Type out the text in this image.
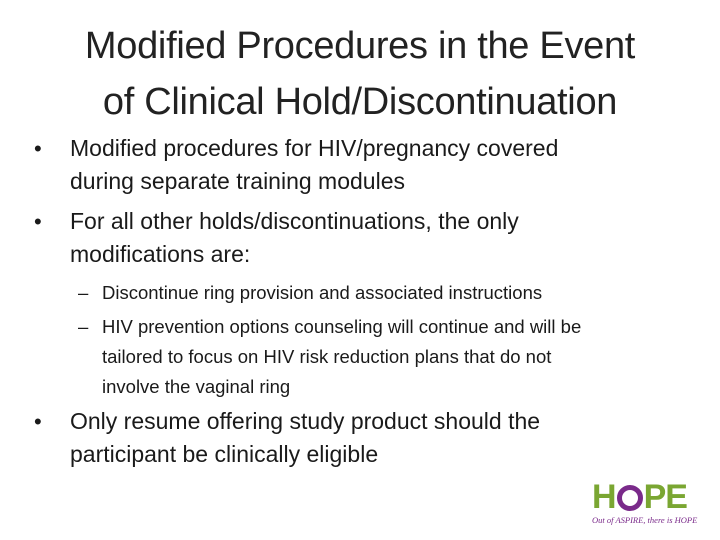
Modified Procedures in the Event
of Clinical Hold/Discontinuation
•	Modified procedures for HIV/pregnancy covered
during separate training modules
•	For all other holds/discontinuations, the only
modifications are:
– Discontinue ring provision and associated instructions
– HIV prevention options counseling will continue and will be
tailored to focus on HIV risk reduction plans that do not
involve the vaginal ring
•	Only resume offering study product should the
participant be clinically eligible
H PE
Out of ASPIRE, there is HOPE
